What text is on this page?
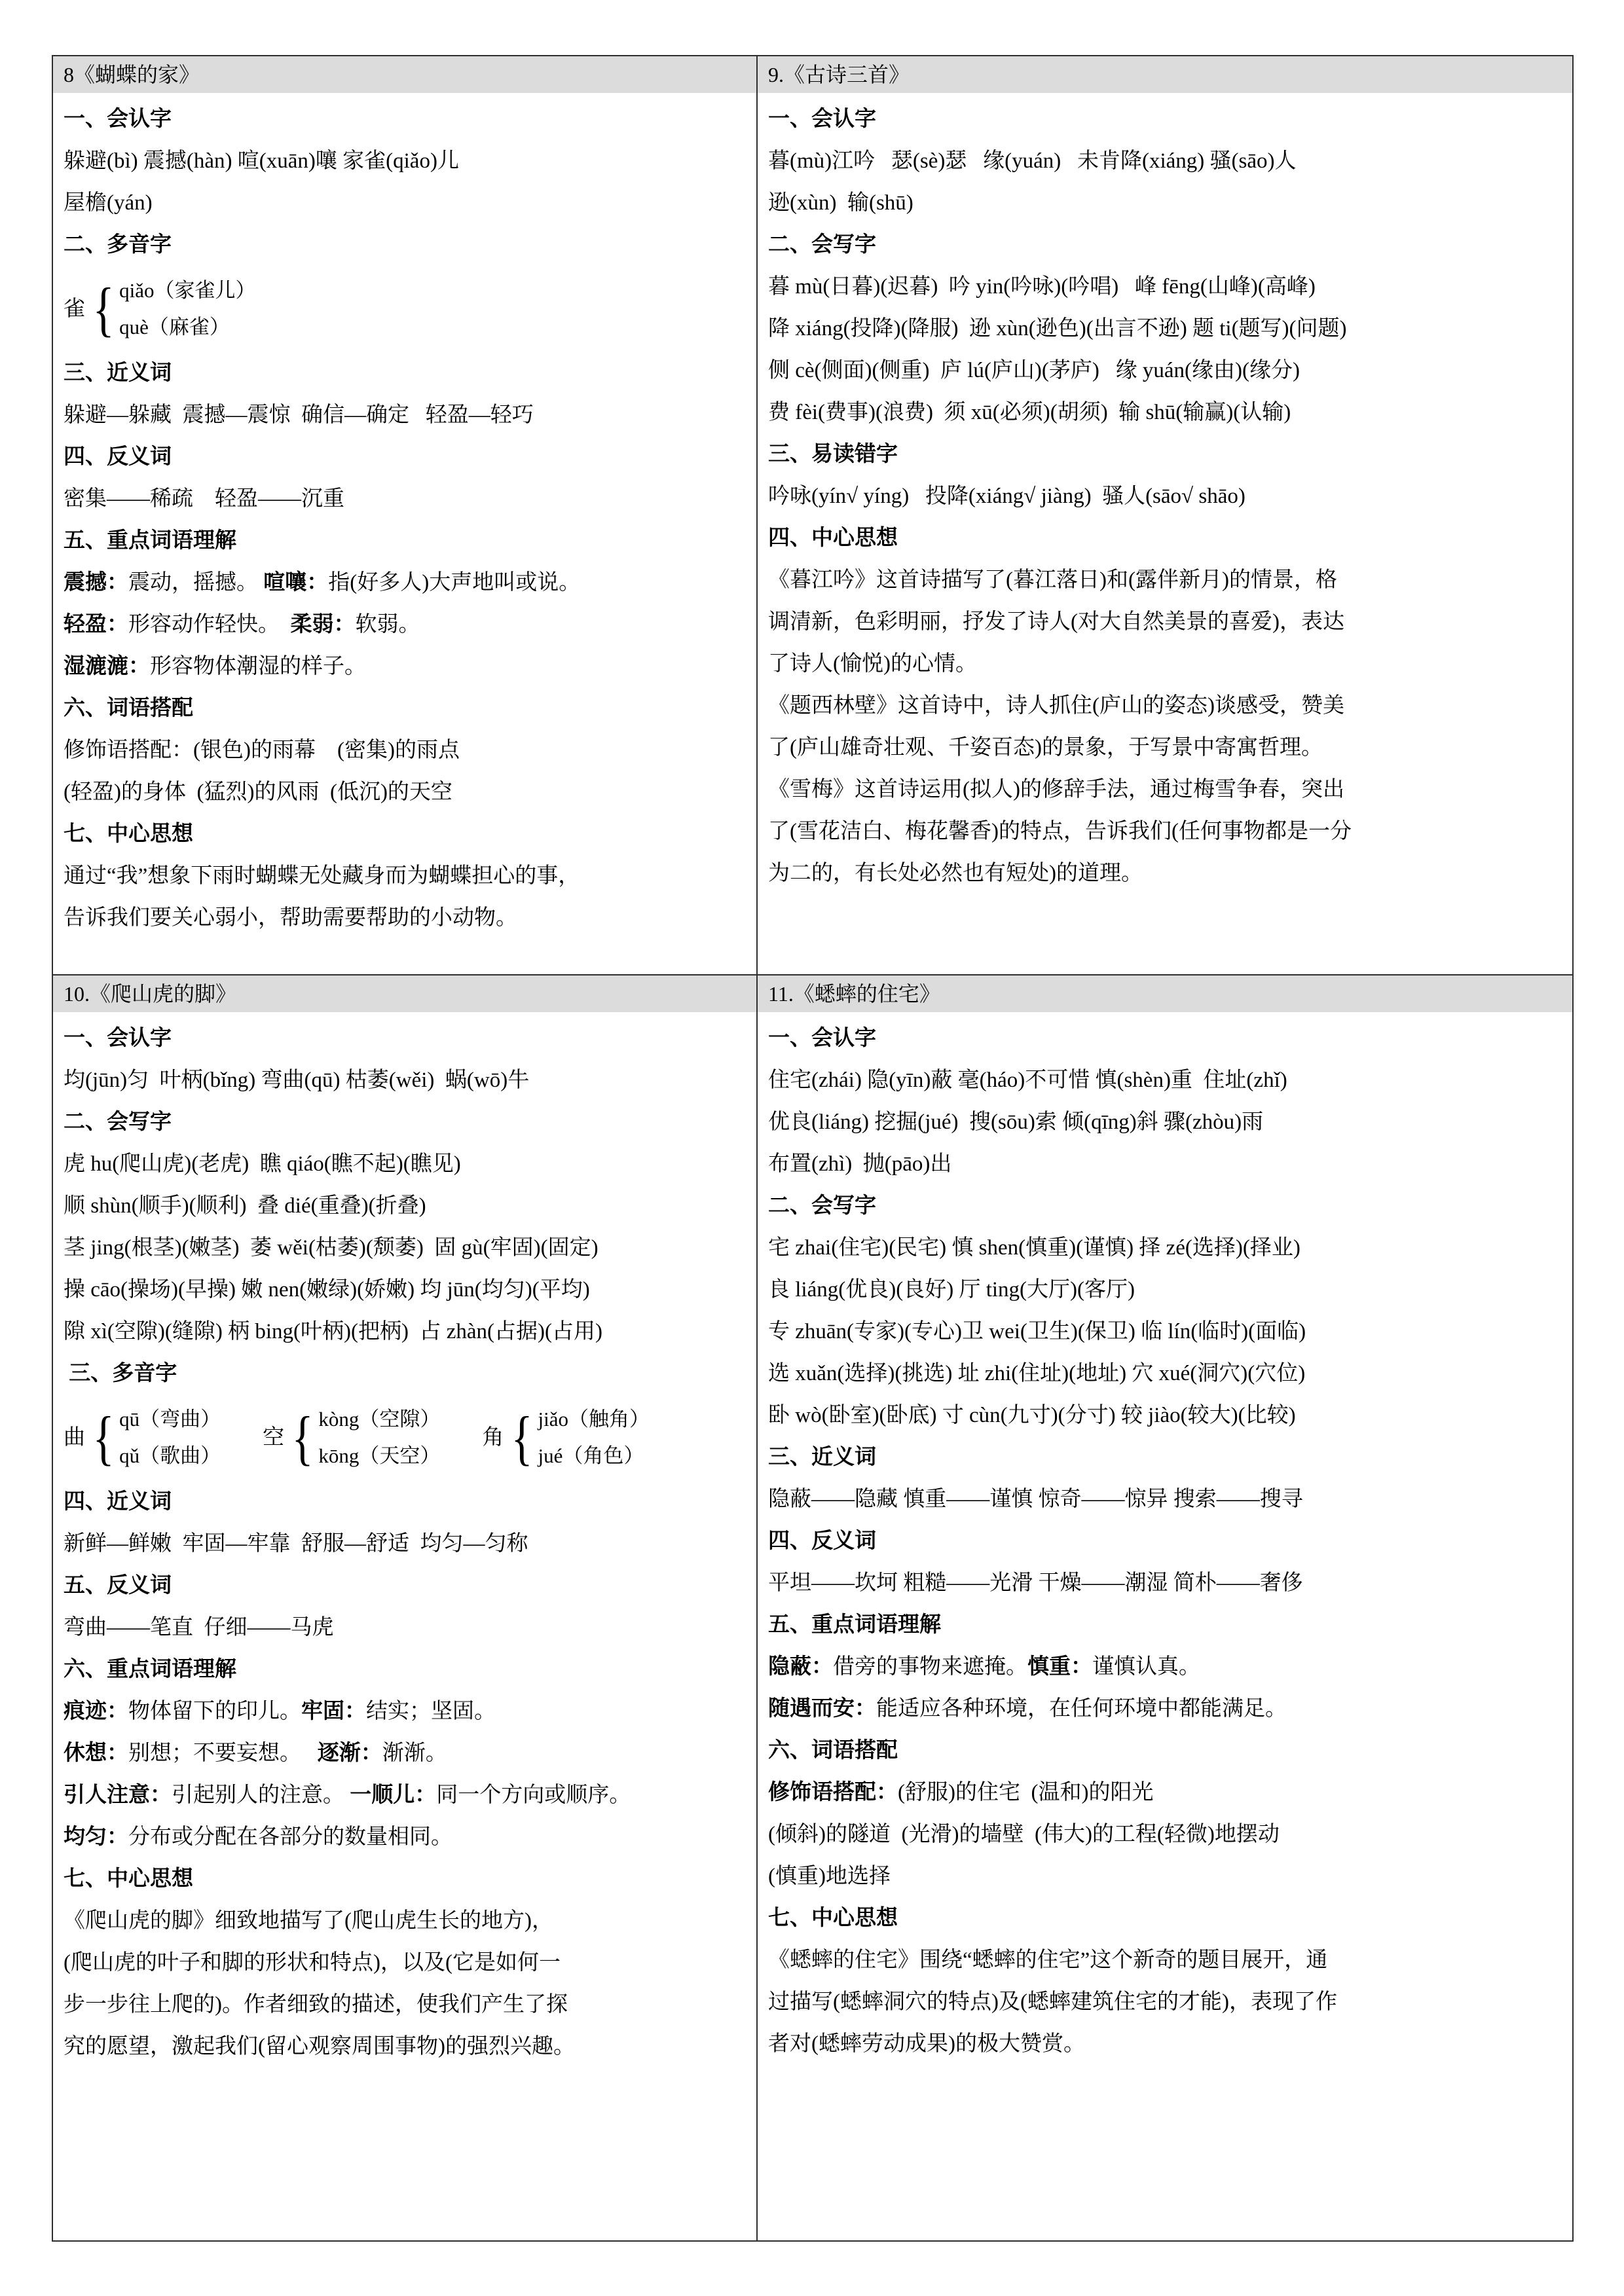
8《蝴蝶的家》
一、会认字
躲避(bì) 震撼(hàn) 喧(xuān)嚷 家雀(qiǎo)儿
屋檐(yán)
二、多音字
雀 { qiǎo（家雀儿）
què（麻雀）
三、近义词
躲避—躲藏  震撼—震惊  确信—确定   轻盈—轻巧
四、反义词
密集——稀疏    轻盈——沉重
五、重点词语理解
震撼：震动，摇撼。 喧嚷：指(好多人)大声地叫或说。
轻盈：形容动作轻快。  柔弱：软弱。
湿漉漉：形容物体潮湿的样子。
六、词语搭配
修饰语搭配：(银色)的雨幕    (密集)的雨点
(轻盈)的身体  (猛烈)的风雨  (低沉)的天空
七、中心思想
通过“我”想象下雨时蝴蝶无处藏身而为蝴蝶担心的事，
告诉我们要关心弱小，帮助需要帮助的小动物。
9.《古诗三首》
一、会认字
暮(mù)江吟   瑟(sè)瑟   缘(yuán)   未肯降(xiáng) 骚(sāo)人
逊(xùn)  输(shū)
二、会写字
暮 mù(日暮)(迟暮)  吟 yin(吟咏)(吟唱)   峰 fēng(山峰)(高峰)
降 xiáng(投降)(降服)  逊 xùn(逊色)(出言不逊) 题 ti(题写)(问题)
侧 cè(侧面)(侧重)  庐 lú(庐山)(茅庐)   缘 yuán(缘由)(缘分)
费 fèi(费事)(浪费)  须 xū(必须)(胡须)  输 shū(输赢)(认输)
三、易读错字
吟咏(yín√ yíng)   投降(xiáng√ jiàng)  骚人(sāo√ shāo)
四、中心思想
《暮江吟》这首诗描写了(暮江落日)和(露伴新月)的情景，格
调清新，色彩明丽，抒发了诗人(对大自然美景的喜爱)，表达
了诗人(愉悦)的心情。
《题西林壁》这首诗中，诗人抓住(庐山的姿态)谈感受，赞美
了(庐山雄奇壮观、千姿百态)的景象，于写景中寄寓哲理。
《雪梅》这首诗运用(拟人)的修辞手法，通过梅雪争春，突出
了(雪花洁白、梅花馨香)的特点，告诉我们(任何事物都是一分
为二的，有长处必然也有短处)的道理。
10.《爬山虎的脚》
一、会认字
均(jūn)匀  叶柄(bǐng) 弯曲(qū) 枯萎(wěi)  蜗(wō)牛
二、会写字
虎 hu(爬山虎)(老虎)  瞧 qiáo(瞧不起)(瞧见)
顺 shùn(顺手)(顺利)  叠 dié(重叠)(折叠)
茎 jing(根茎)(嫩茎)  萎 wěi(枯萎)(颓萎)  固 gù(牢固)(固定)
操 cāo(操场)(早操) 嫩 nen(嫩绿)(娇嫩) 均 jūn(均匀)(平均)
隙 xì(空隙)(缝隙) 柄 bing(叶柄)(把柄)  占 zhàn(占据)(占用)
三、多音字
曲 { qū（弯曲）
qǔ（歌曲）
空 { kòng（空隙）
kōng（天空）
角 { jiǎo（触角）
jué（角色）
四、近义词
新鲜—鲜嫩  牢固—牢靠  舒服—舒适  均匀—匀称
五、反义词
弯曲——笔直  仔细——马虎
六、重点词语理解
痕迹：物体留下的印儿。牢固：结实；坚固。
休想：别想；不要妄想。   逐渐：渐渐。
引人注意：引起别人的注意。 一顺儿：同一个方向或顺序。
均匀：分布或分配在各部分的数量相同。
七、中心思想
《爬山虎的脚》细致地描写了(爬山虎生长的地方)，
(爬山虎的叶子和脚的形状和特点)，以及(它是如何一
步一步往上爬的)。作者细致的描述，使我们产生了探
究的愿望，激起我们(留心观察周围事物)的强烈兴趣。
11.《蟋蟀的住宅》
一、会认字
住宅(zhái) 隐(yīn)蔽 毫(háo)不可惜 慎(shèn)重  住址(zhǐ)
优良(liáng) 挖掘(jué)  搜(sōu)索 倾(qīng)斜 骤(zhòu)雨
布置(zhì)  抛(pāo)出
二、会写字
宅 zhai(住宅)(民宅) 慎 shen(慎重)(谨慎) 择 zé(选择)(择业)
良 liáng(优良)(良好) 厅 ting(大厅)(客厅)
专 zhuān(专家)(专心)卫 wei(卫生)(保卫) 临 lín(临时)(面临)
选 xuǎn(选择)(挑选) 址 zhi(住址)(地址) 穴 xué(洞穴)(穴位)
卧 wò(卧室)(卧底) 寸 cùn(九寸)(分寸) 较 jiào(较大)(比较)
三、近义词
隐蔽——隐藏 慎重——谨慎 惊奇——惊异 搜索——搜寻
四、反义词
平坦——坎坷 粗糙——光滑 干燥——潮湿 简朴——奢侈
五、重点词语理解
隐蔽：借旁的事物来遮掩。慎重：谨慎认真。
随遇而安：能适应各种环境，在任何环境中都能满足。
六、词语搭配
修饰语搭配：(舒服)的住宅  (温和)的阳光
(倾斜)的隧道  (光滑)的墙壁  (伟大)的工程(轻微)地摆动
(慎重)地选择
七、中心思想
《蟋蟀的住宅》围绕“蟋蟀的住宅”这个新奇的题目展开，通
过描写(蟋蟀洞穴的特点)及(蟋蟀建筑住宅的才能)，表现了作
者对(蟋蟀劳动成果)的极大赞赏。
